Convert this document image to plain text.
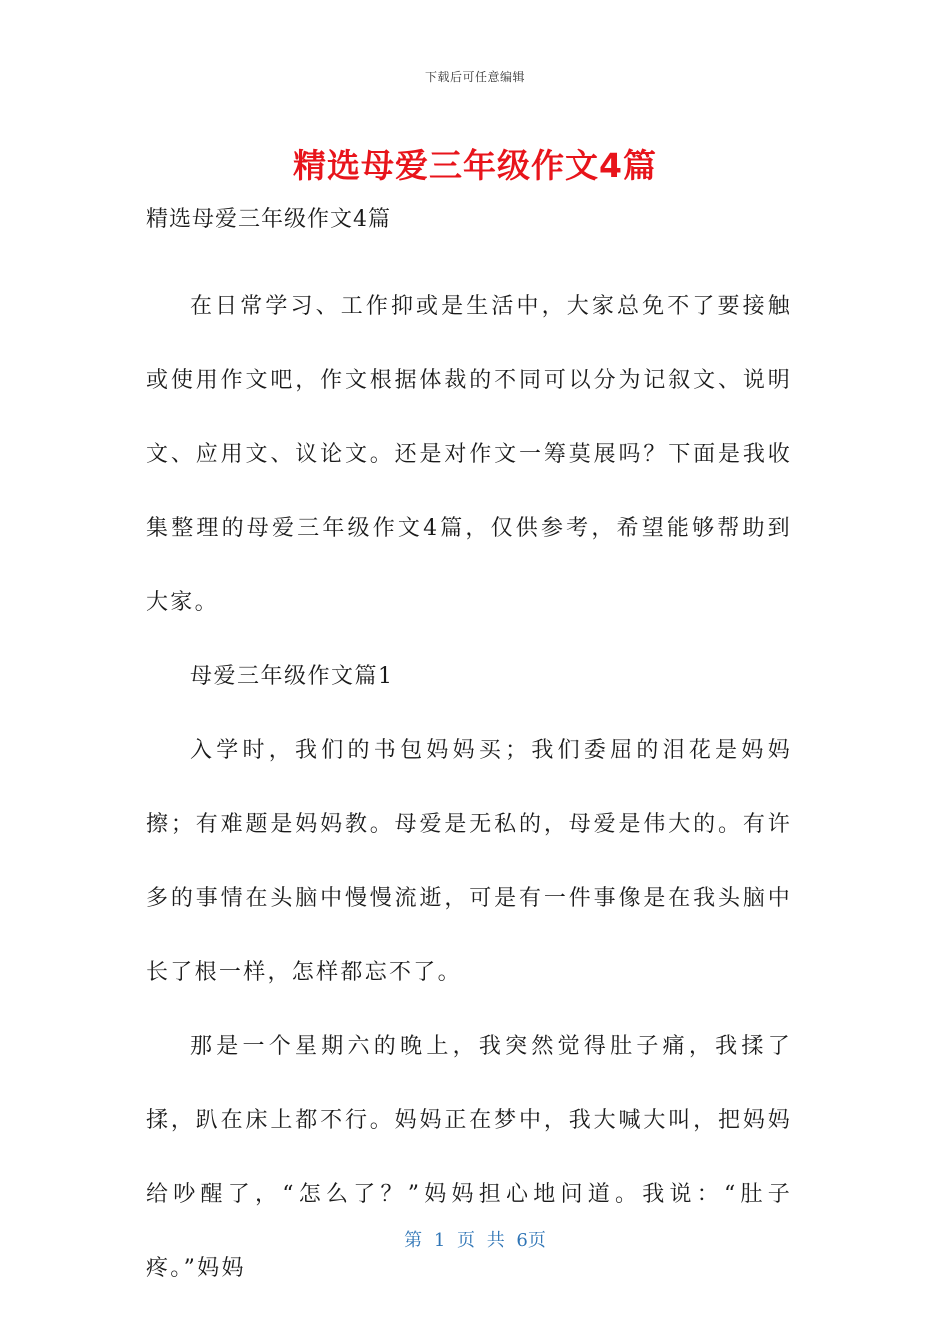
下载后可任意编辑
精选母爱三年级作文4篇

精选母爱三年级作文4篇

在日常学习、工作抑或是生活中，大家总免不了要接触或使用作文吧，作文根据体裁的不同可以分为记叙文、说明文、应用文、议论文。还是对作文一筹莫展吗？下面是我收集整理的母爱三年级作文4篇，仅供参考，希望能够帮助到大家。

母爱三年级作文篇1

入学时，我们的书包妈妈买；我们委屈的泪花是妈妈擦；有难题是妈妈教。母爱是无私的，母爱是伟大的。有许多的事情在头脑中慢慢流逝，可是有一件事像是在我头脑中长了根一样，怎样都忘不了。

那是一个星期六的晚上，我突然觉得肚子痛，我揉了揉，趴在床上都不行。妈妈正在梦中，我大喊大叫，把妈妈给吵醒了，“怎么了？”妈妈担心地问道。我说：“肚子疼。”妈妈

第 1 页 共 6页
